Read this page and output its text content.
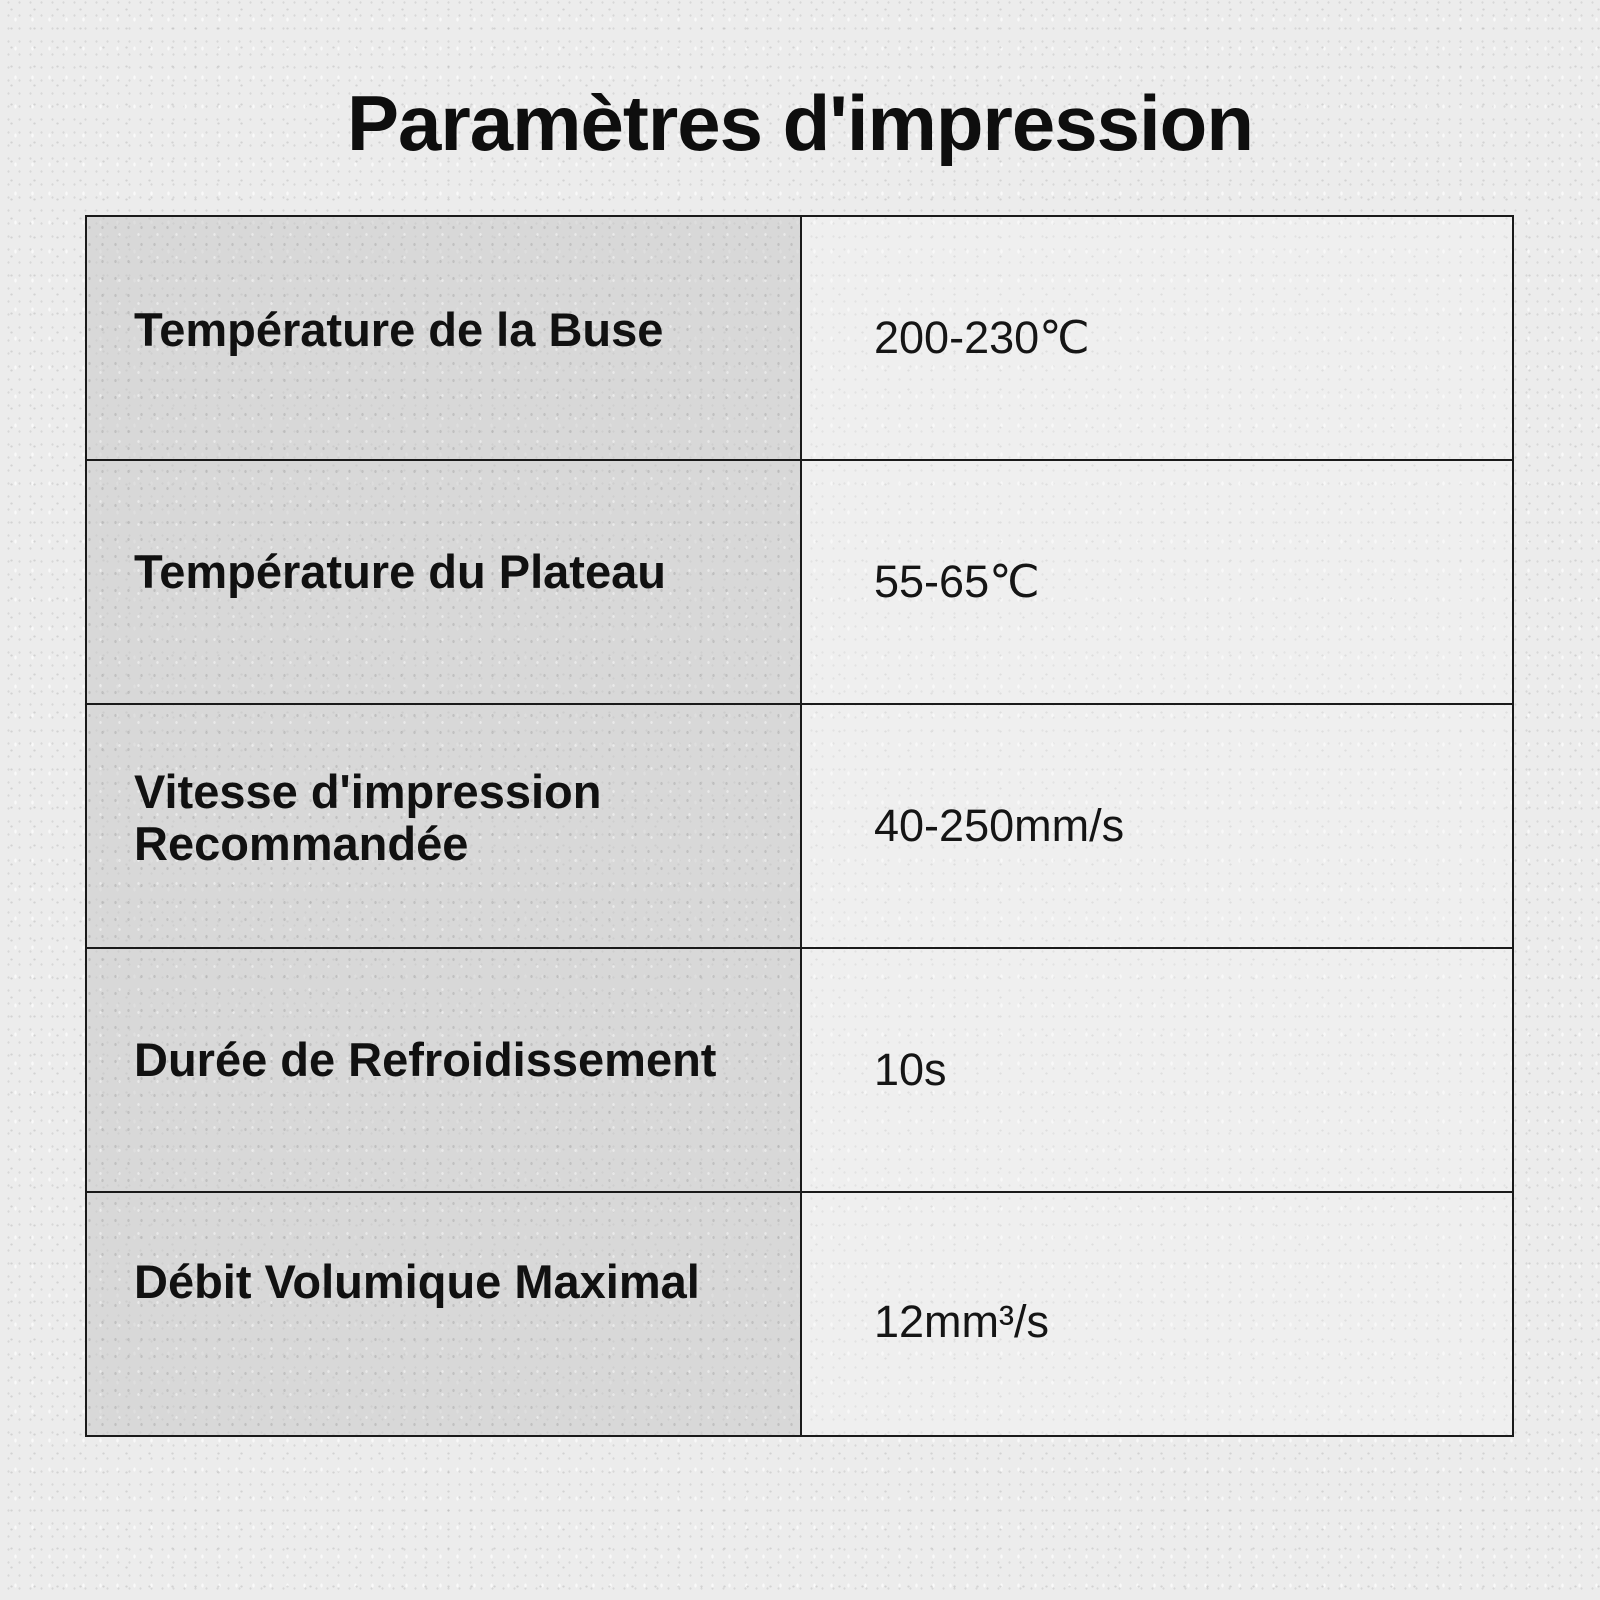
Paramètres d'impression
Température de la Buse	200-230℃

Température du Plateau	55-65℃

Vitesse d'impression Recommandée	40-250mm/s

Durée de Refroidissement	10s

Débit Volumique Maximal	12mm³/s
